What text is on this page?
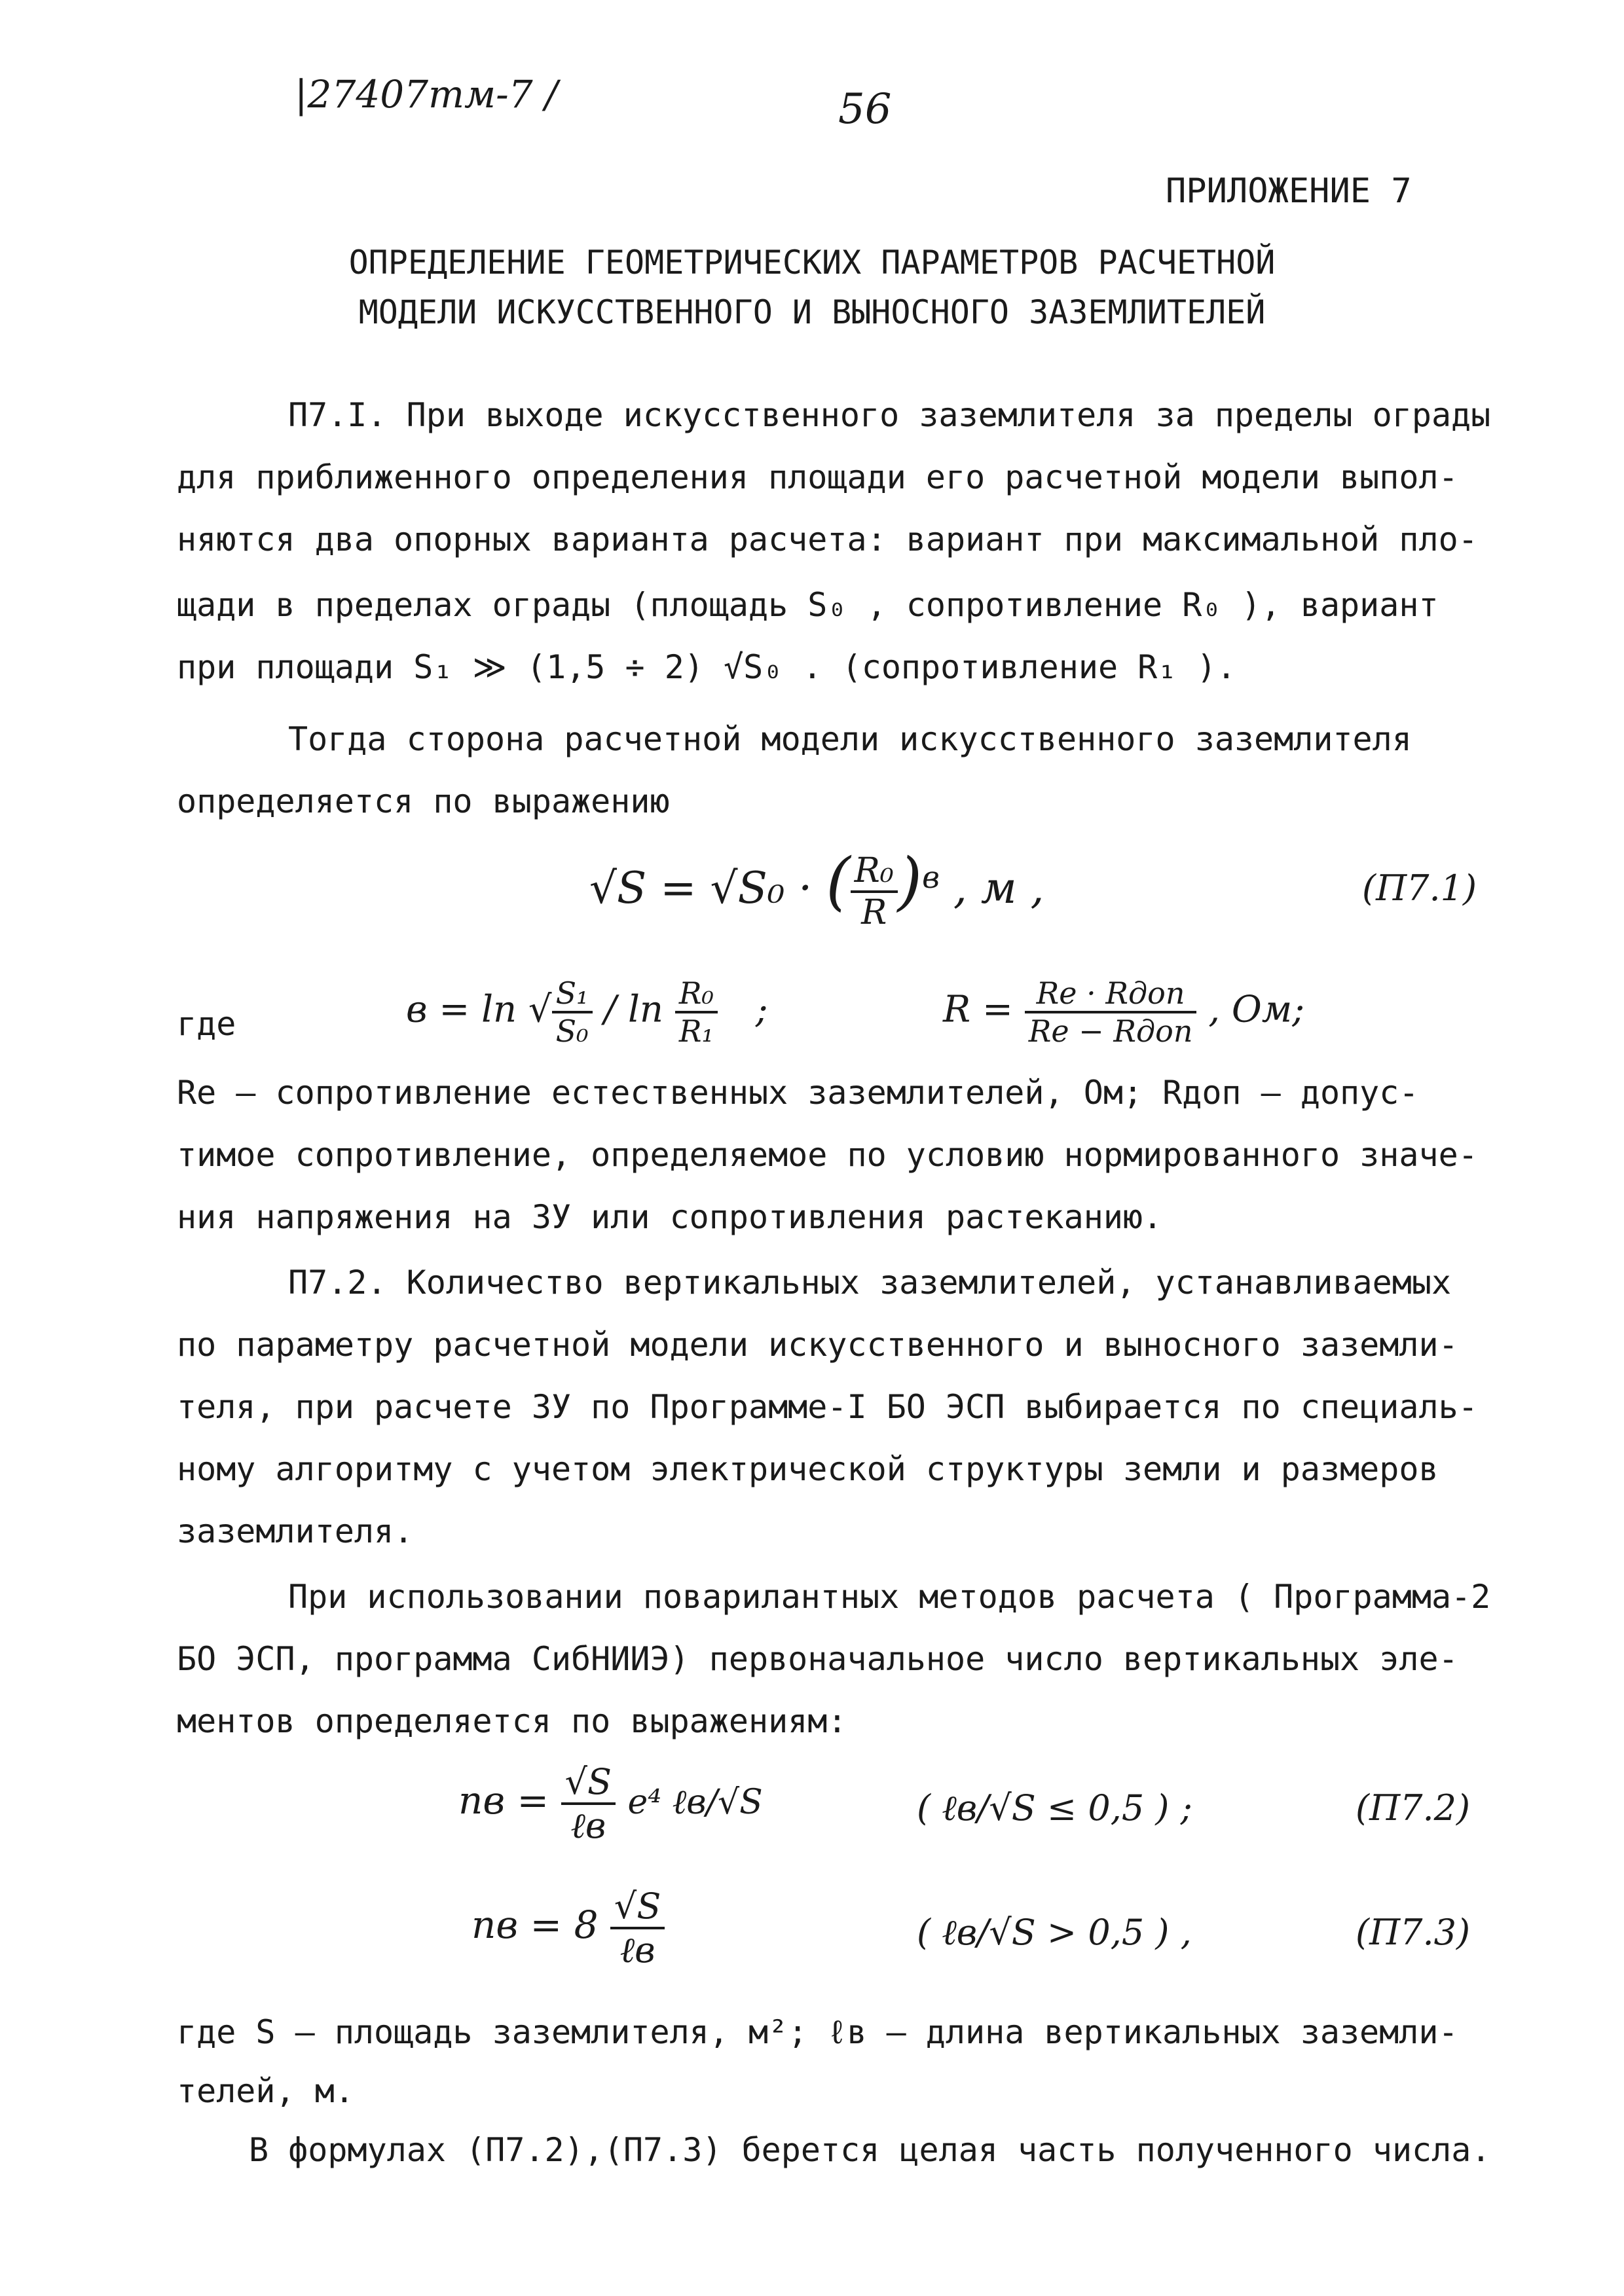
|27407тм-7 /	56
ПРИЛОЖЕНИЕ 7
ОПРЕДЕЛЕНИЕ ГЕОМЕТРИЧЕСКИХ ПАРАМЕТРОВ РАСЧЕТНОЙ
МОДЕЛИ ИСКУССТВЕННОГО И ВЫНОСНОГО ЗАЗЕМЛИТЕЛЕЙ
П7.I. При выходе искусственного заземлителя за пределы ограды
для приближенного определения площади его расчетной модели выпол-
няются два опорных варианта расчета: вариант при максимальной пло-
щади в пределах ограды (площадь S₀ , сопротивление R₀ ), вариант
при площади S₁ ≫ (1,5 ÷ 2) √S₀ . (сопротивление R₁ ).
Тогда сторона расчетной модели искусственного заземлителя
определяется по выражению
√S = √S₀ · ( $\frac{\text{R₀}}{R} )^в$ , м ,	(П7.1)
где	в = ln √ $\frac{\text{S₁}}{\text{S₀}}$ / $\ln \frac{\text{R₀}}{\text{R₁}}$ ;	$R = \frac{\text{Rе · Rдоп}}{\text{Rе − Rдоп}}$ , Ом;
Rе – сопротивление естественных заземлителей, Ом; Rдоп – допус-
тимое сопротивление, определяемое по условию нормированного значе-
ния напряжения на ЗУ или сопротивления растеканию.
П7.2. Количество вертикальных заземлителей, устанавливаемых
по параметру расчетной модели искусственного и выносного заземли-
теля, при расчете ЗУ по Программе-I БО ЭСП выбирается по специаль-
ному алгоритму с учетом электрической структуры земли и размеров
заземлителя.
При использовании поварилантных методов расчета ( Программа-2
БО ЭСП, программа СибНИИЭ) первоначальное число вертикальных эле-
ментов определяется по выражениям:
nв = $\frac{√S}{\text{ℓв}} e^4$ ℓв/√S	( ℓв/√S ≤ 0,5 ) ;	(П7.2)
nв = $8 \frac{√S}{\text{ℓв}}$	( ℓв/√S > 0,5 ) ,	(П7.3)
где S – площадь заземлителя, м²; ℓв – длина вертикальных заземли-
телей, м.
В формулах (П7.2),(П7.3) берется целая часть полученного числа.
